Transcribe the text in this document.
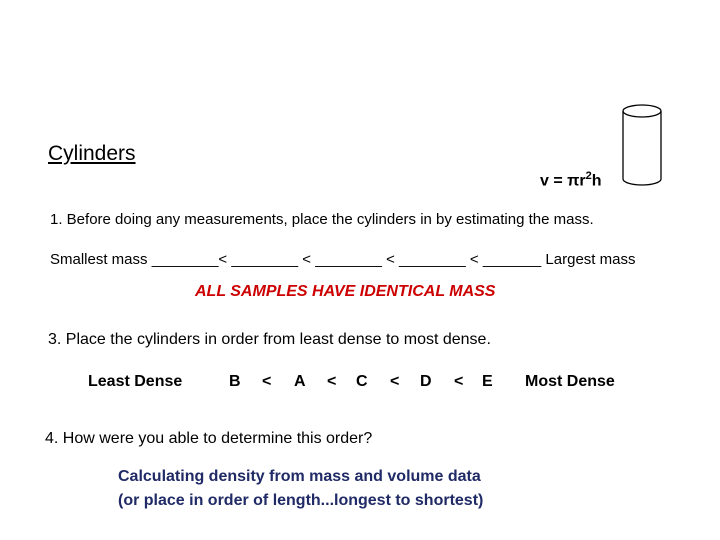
Cylinders
$v = \pi r^2h$
1. Before doing any measurements, place the cylinders in by estimating the mass.
Smallest mass ________< ________ < ________ < ________ < _______ Largest mass
ALL SAMPLES HAVE IDENTICAL MASS
3. Place the cylinders in order from least dense to most dense.
Least Dense	B < A < C < D < E Most Dense
4. How were you able to determine this order?
Calculating density from mass and volume data
(or place in order of length...longest to shortest)
